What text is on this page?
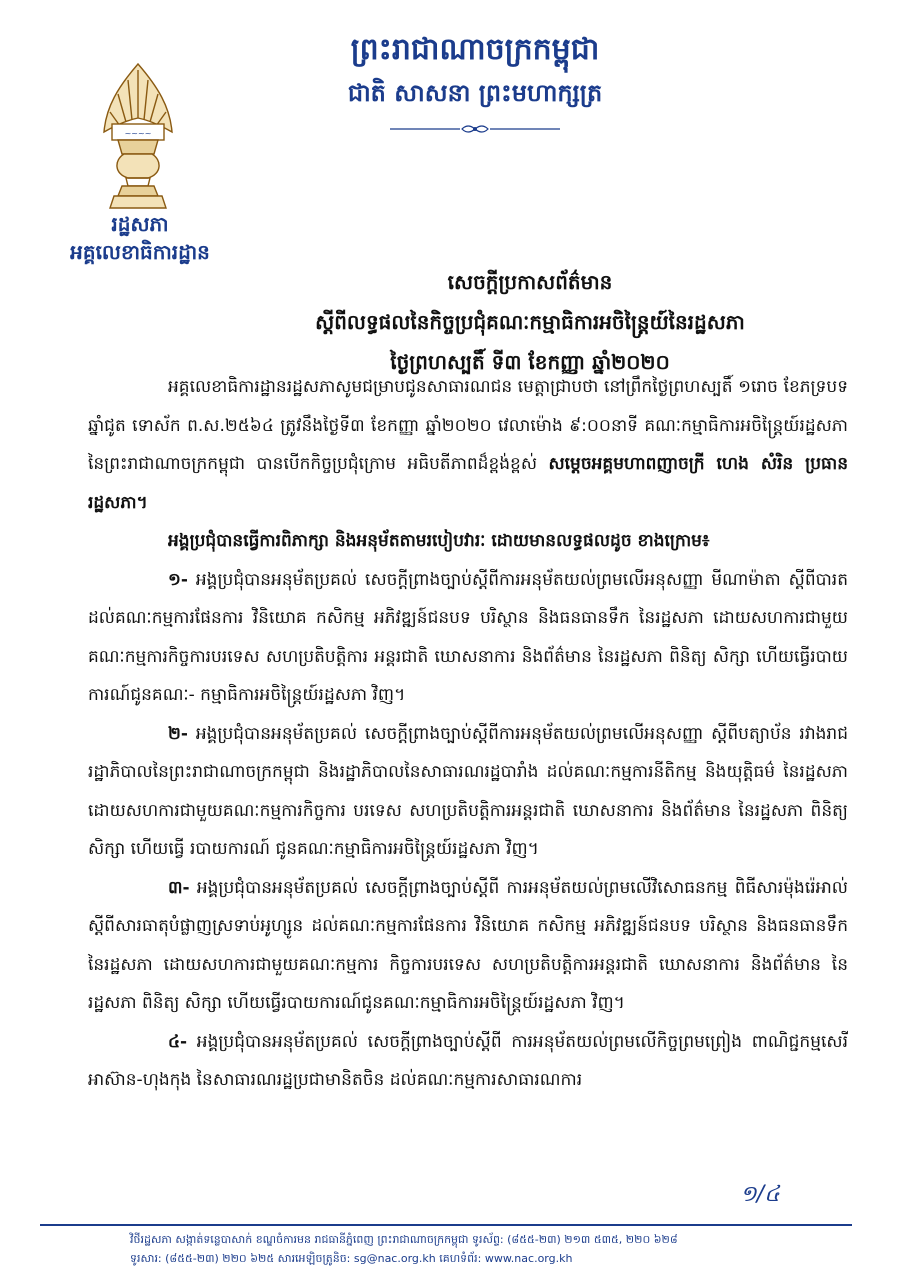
ព្រះរាជាណាចក្រកម្ពុជា
ជាតិ សាសនា ព្រះមហាក្សត្រ
~~~~
រដ្ឋសភា
អគ្គលេខាធិការដ្ឋាន
សេចក្តីប្រកាសព័ត៌មាន
ស្តីពីលទ្ធផលនៃកិច្ចប្រជុំគណៈកម្មាធិការអចិន្ត្រៃយ៍នៃរដ្ឋសភា
ថ្ងៃព្រហស្បតិ៍ ទី៣ ខែកញ្ញា ឆ្នាំ២០២០

អគ្គលេខាធិការដ្ឋានរដ្ឋសភាសូមជម្រាបជូនសាធារណជន មេត្តាជ្រាបថា នៅព្រឹកថ្ងៃព្រហស្បតិ៍ ១រោច ខែភទ្របទ ឆ្នាំជូត ទោស័ក ព.ស.២៥៦៤ ត្រូវនឹងថ្ងៃទី៣ ខែកញ្ញា ឆ្នាំ២០២០ វេលាម៉ោង ៩:០០នាទី គណៈកម្មាធិការអចិន្ត្រៃយ៍រដ្ឋសភានៃព្រះរាជាណាចក្រកម្ពុជា បានបើកកិច្ចប្រជុំក្រោម អធិបតីភាពដ៏ខ្ពង់ខ្ពស់ សម្តេចអគ្គមហាពញាចក្រី ហេង សំរិន ប្រធានរដ្ឋសភា។

អង្គប្រជុំបានធ្វើការពិភាក្សា និងអនុម័តតាមរបៀបវារៈ ដោយមានលទ្ធផលដូច ខាងក្រោម៖

១- អង្គប្រជុំបានអនុម័តប្រគល់ សេចក្តីព្រាងច្បាប់ស្តីពីការអនុម័តយល់ព្រមលើអនុសញ្ញា មីណាម៉ាតា ស្តីពីបារត ដល់គណៈកម្មការផែនការ វិនិយោគ កសិកម្ម អភិវឌ្ឍន៍ជនបទ បរិស្ថាន និងធនធានទឹក នៃរដ្ឋសភា ដោយសហការជាមួយគណៈកម្មការកិច្ចការបរទេស សហប្រតិបត្តិការ អន្តរជាតិ ឃោសនាការ និងព័ត៌មាន នៃរដ្ឋសភា ពិនិត្យ សិក្សា ហើយធ្វើរបាយការណ៍ជូនគណៈ- កម្មាធិការអចិន្ត្រៃយ៍រដ្ឋសភា វិញ។

២- អង្គប្រជុំបានអនុម័តប្រគល់ សេចក្តីព្រាងច្បាប់ស្តីពីការអនុម័តយល់ព្រមលើអនុសញ្ញា ស្តីពីបត្យាប័ន រវាងរាជរដ្ឋាភិបាលនៃព្រះរាជាណាចក្រកម្ពុជា និងរដ្ឋាភិបាលនៃសាធារណរដ្ឋបារាំង ដល់គណៈកម្មការនីតិកម្ម និងយុត្តិធម៌ នៃរដ្ឋសភា ដោយសហការជាមួយគណៈកម្មការកិច្ចការ បរទេស សហប្រតិបត្តិការអន្តរជាតិ ឃោសនាការ និងព័ត៌មាន នៃរដ្ឋសភា ពិនិត្យ សិក្សា ហើយធ្វើ របាយការណ៍ ជូនគណៈកម្មាធិការអចិន្ត្រៃយ៍រដ្ឋសភា វិញ។

៣- អង្គប្រជុំបានអនុម័តប្រគល់ សេចក្តីព្រាងច្បាប់ស្តីពី ការអនុម័តយល់ព្រមលើវិសោធនកម្ម ពិធីសារម៉ុងរ៉េអាល់ ស្តីពីសារធាតុបំផ្លាញស្រទាប់អូហ្សូន ដល់គណៈកម្មការផែនការ វិនិយោគ កសិកម្ម អភិវឌ្ឍន៍ជនបទ បរិស្ថាន និងធនធានទឹក នៃរដ្ឋសភា ដោយសហការជាមួយគណៈកម្មការ កិច្ចការបរទេស សហប្រតិបត្តិការអន្តរជាតិ ឃោសនាការ និងព័ត៌មាន នៃរដ្ឋសភា ពិនិត្យ សិក្សា ហើយធ្វើរបាយការណ៍ជូនគណៈកម្មាធិការអចិន្ត្រៃយ៍រដ្ឋសភា វិញ។

៤- អង្គប្រជុំបានអនុម័តប្រគល់ សេចក្តីព្រាងច្បាប់ស្តីពី ការអនុម័តយល់ព្រមលើកិច្ចព្រមព្រៀង ពាណិជ្ជកម្មសេរីអាស៊ាន-ហុងកុង នៃសាធារណរដ្ឋប្រជាមានិតចិន ដល់គណៈកម្មការសាធារណការ

១/៤
វិថីរដ្ឋសភា សង្កាត់ទន្លេបាសាក់ ខណ្ឌចំការមន រាជធានីភ្នំពេញ ព្រះរាជាណាចក្រកម្ពុជា ទូរស័ព្ទ: (៨៥៥-២៣) ២១៣ ៥៣៥, ២២០ ៦២៨
ទូរសារ: (៨៥៥-២៣) ២២០ ៦២៥ សារអេឡិចត្រូនិច: sg@nac.org.kh គេហទំព័រ: www.nac.org.kh
